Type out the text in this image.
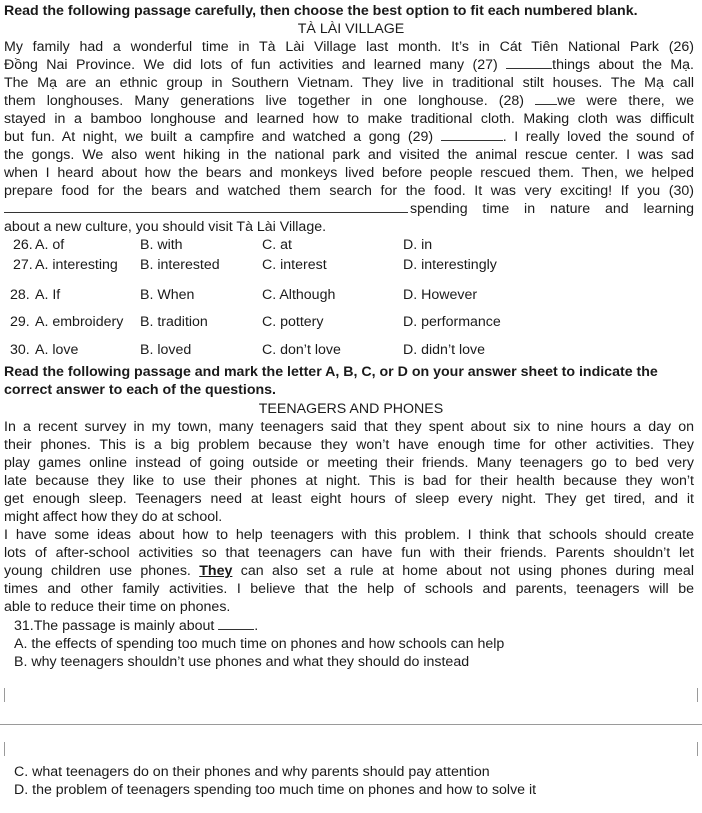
Read the following passage carefully, then choose the best option to fit each numbered blank.
TÀ LÀI VILLAGE
My family had a wonderful time in Tà Lài Village last month. It’s in Cát Tiên National Park (26)
Đồng Nai Province. We did lots of fun activities and learned many (27)	things about the Mạ.
The Mạ are an ethnic group in Southern Vietnam. They live in traditional stilt houses. The Mạ call
them longhouses. Many generations live together in one longhouse. (28) we were there, we
stayed in a bamboo longhouse and learned how to make traditional cloth. Making cloth was difficult
but fun. At night, we built a campfire and watched a gong (29)	. I really loved the sound of
the gongs. We also went hiking in the national park and visited the animal rescue center. I was sad
when I heard about how the bears and monkeys lived before people rescued them. Then, we helped
prepare food for the bears and watched them search for the food. It was very exciting! If you (30)
spending time in nature and learning
about a new culture, you should visit Tà Lài Village.
26. A. of	B. with	C. at	D. in
27. A. interesting B. interested	C. interest	D. interestingly
28. A. If	B. When	C. Although	D. However
29. A. embroidery B. tradition	C. pottery	D. performance
30. A. love	B. loved	C. don’t love	D. didn’t love
Read the following passage and mark the letter A, B, C, or D on your answer sheet to indicate the
correct answer to each of the questions.
TEENAGERS AND PHONES
In a recent survey in my town, many teenagers said that they spent about six to nine hours a day on
their phones. This is a big problem because they won’t have enough time for other activities. They
play games online instead of going outside or meeting their friends. Many teenagers go to bed very
late because they like to use their phones at night. This is bad for their health because they won’t
get enough sleep. Teenagers need at least eight hours of sleep every night. They get tired, and it
might affect how they do at school.
I have some ideas about how to help teenagers with this problem. I think that schools should create
lots of after-school activities so that teenagers can have fun with their friends. Parents shouldn’t let
young children use phones. They can also set a rule at home about not using phones during meal
times and other family activities. I believe that the help of schools and parents, teenagers will be
able to reduce their time on phones.
31.The passage is mainly about	.
A. the effects of spending too much time on phones and how schools can help
B. why teenagers shouldn’t use phones and what they should do instead
C. what teenagers do on their phones and why parents should pay attention
D. the problem of teenagers spending too much time on phones and how to solve it
